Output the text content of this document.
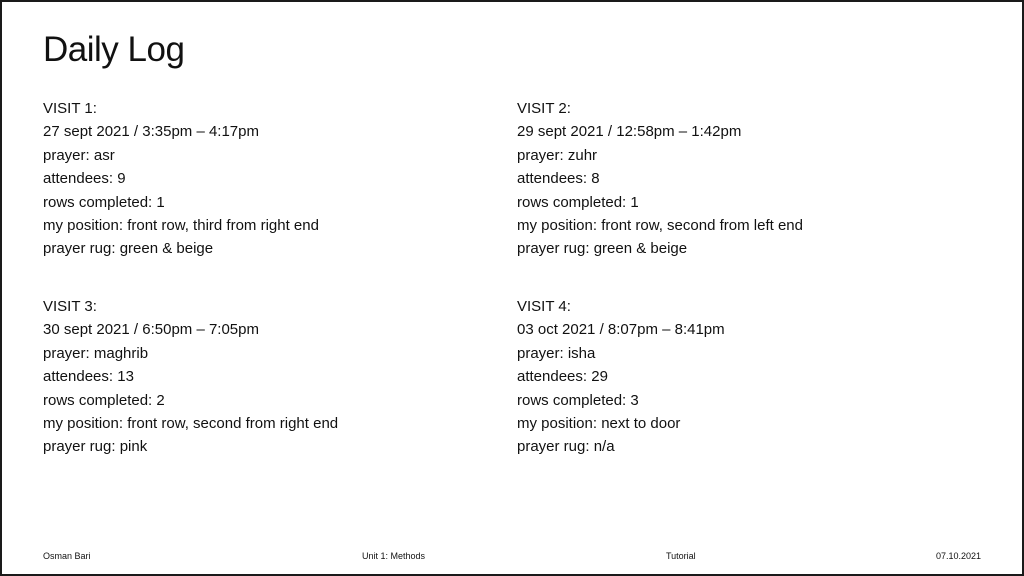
Daily Log
VISIT 1:
27 sept 2021 / 3:35pm – 4:17pm
prayer: asr
attendees: 9
rows completed: 1
my position: front row, third from right end
prayer rug: green & beige
VISIT 2:
29 sept 2021 / 12:58pm – 1:42pm
prayer: zuhr
attendees: 8
rows completed: 1
my position: front row, second from left end
prayer rug: green & beige
VISIT 3:
30 sept 2021 / 6:50pm – 7:05pm
prayer: maghrib
attendees: 13
rows completed: 2
my position: front row, second from right end
prayer rug: pink
VISIT 4:
03 oct 2021 / 8:07pm – 8:41pm
prayer: isha
attendees: 29
rows completed: 3
my position: next to door
prayer rug: n/a
Osman Bari	Unit 1: Methods	Tutorial	07.10.2021
